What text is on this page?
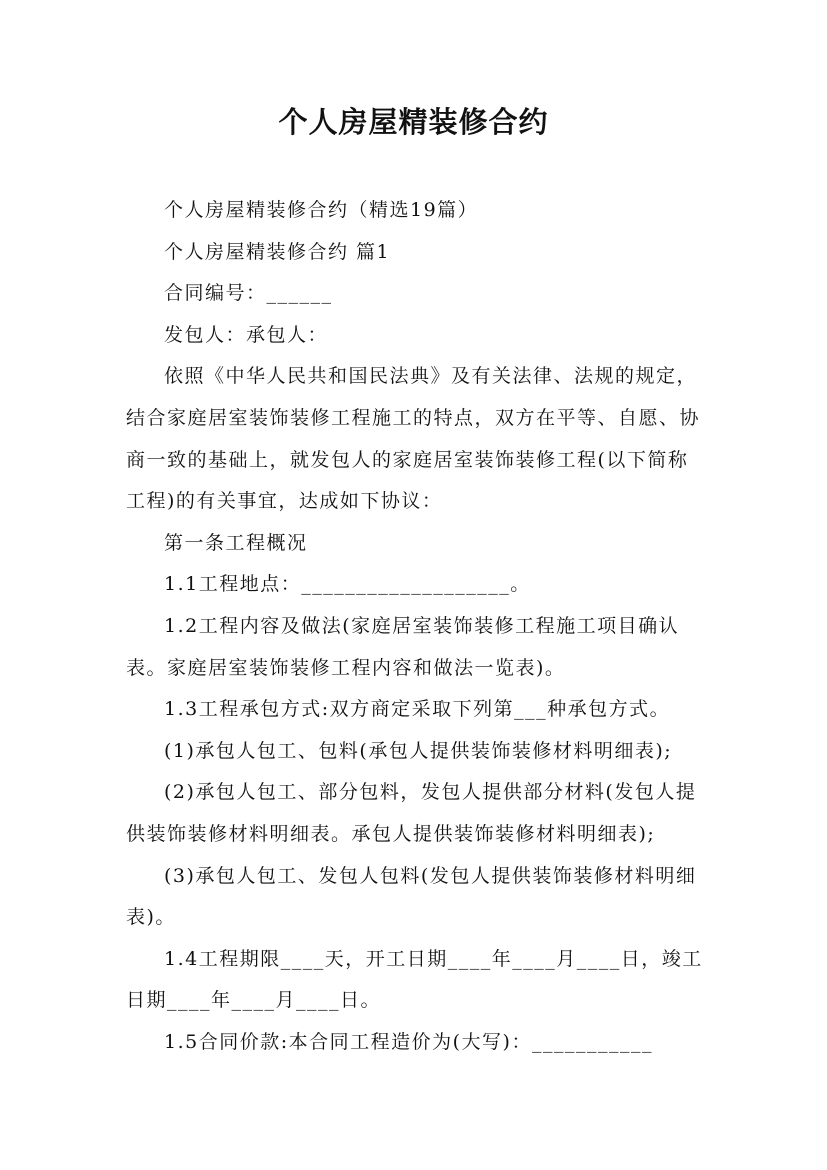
个人房屋精装修合约

个人房屋精装修合约（精选19篇）

个人房屋精装修合约 篇1

合同编号：______

发包人：承包人：

依照《中华人民共和国民法典》及有关法律、法规的规定，结合家庭居室装饰装修工程施工的特点，双方在平等、自愿、协商一致的基础上，就发包人的家庭居室装饰装修工程(以下简称工程)的有关事宜，达成如下协议：

第一条工程概况

1.1工程地点：___________________。

1.2工程内容及做法(家庭居室装饰装修工程施工项目确认表。家庭居室装饰装修工程内容和做法一览表)。

1.3工程承包方式:双方商定采取下列第___种承包方式。

(1)承包人包工、包料(承包人提供装饰装修材料明细表);

(2)承包人包工、部分包料，发包人提供部分材料(发包人提供装饰装修材料明细表。承包人提供装饰装修材料明细表);

(3)承包人包工、发包人包料(发包人提供装饰装修材料明细表)。

1.4工程期限____天，开工日期____年____月____日，竣工日期____年____月____日。

1.5合同价款:本合同工程造价为(大写)：___________
